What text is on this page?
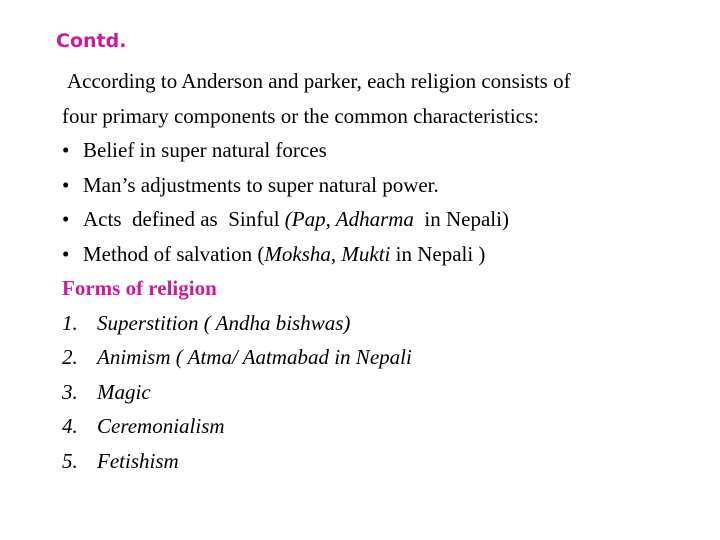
Contd.
According to Anderson and parker, each religion consists of
four primary components or the common characteristics:
• Belief in super natural forces
• Man’s adjustments to super natural power.
• Acts  defined as  Sinful (Pap, Adharma in Nepali)
• Method of salvation ( Moksha, Mukti in Nepali )
Forms of religion
1. Superstition ( Andha bishwas)
2. Animism ( Atma/ Aatmabad in Nepali
3. Magic
4. Ceremonialism
5. Fetishism
